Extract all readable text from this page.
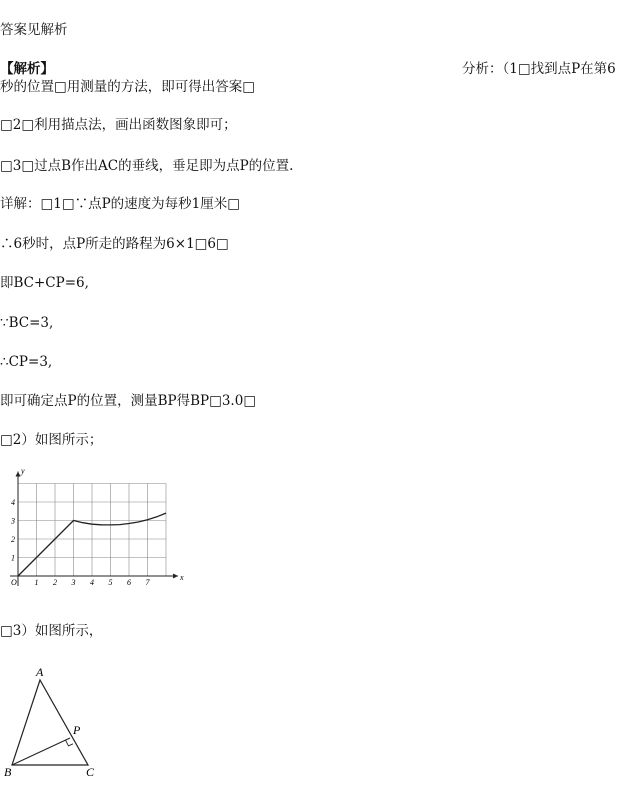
答案见解析
【解析】	分析：（1□找到点P在第6
秒的位置□用测量的方法，即可得出答案□
□2□利用描点法，画出函数图象即可；
□3□过点B作出AC的垂线，垂足即为点P的位置.
详解：□1□∵点P的速度为每秒1厘米□
∴6秒时，点P所走的路程为6×1□6□
即BC+CP=6,
∵BC=3,
∴CP=3,
即可确定点P的位置，测量BP得BP□3.0□
□2）如图所示；
1 2 3 4 5 6 7
1
2
3
4
O
x
y
□3）如图所示，
A
B	C
P
